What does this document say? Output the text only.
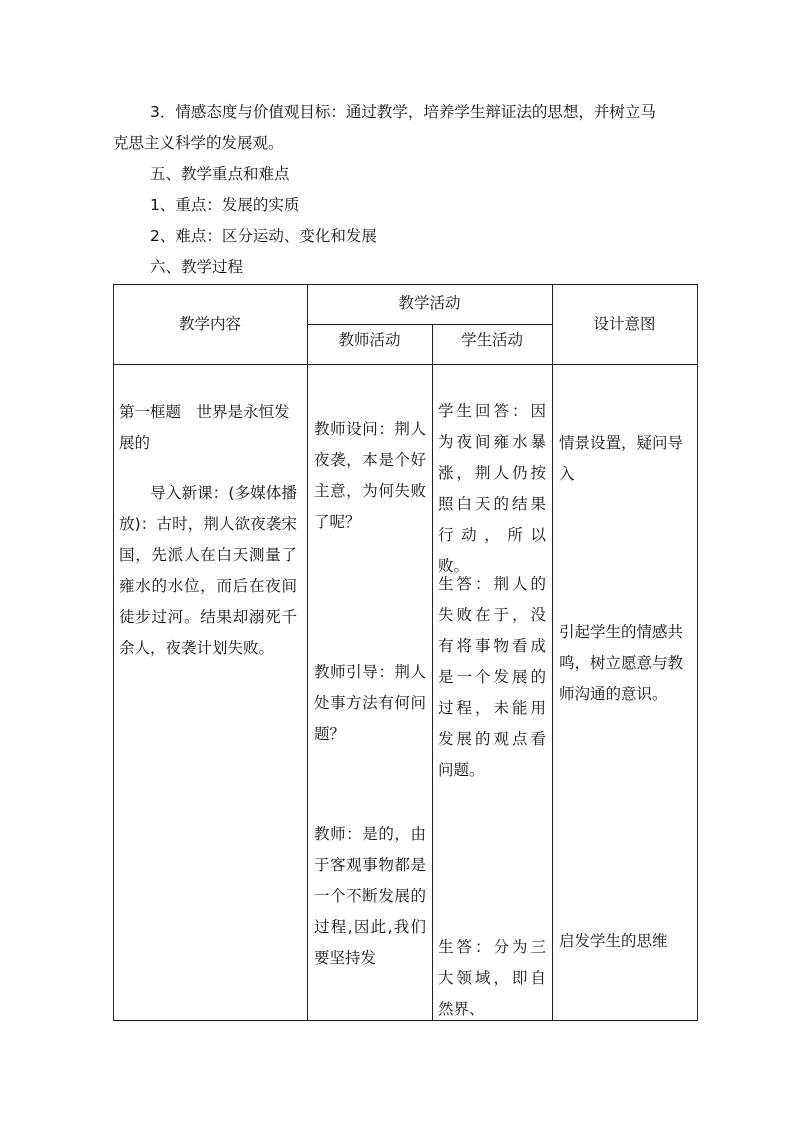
3．情感态度与价值观目标：通过教学，培养学生辩证法的思想，并树立马
克思主义科学的发展观。
五、教学重点和难点
1、重点：发展的实质
2、难点：区分运动、变化和发展
六、教学过程
教学内容
教学活动
教师活动	学生活动
设计意图
第一框题　世界是永恒发展的
　　导入新课：(多媒体播放)：古时，荆人欲夜袭宋国，先派人在白天测量了雍水的水位，而后在夜间徒步过河。结果却溺死千余人，夜袭计划失败。
教师设问：荆人夜袭，本是个好主意，为何失败了呢？
教师引导：荆人处事方法有何问题？
教师：是的，由于客观事物都是一个不断发展的过程,因此,我们要坚持发
学生回答：因为夜间雍水暴涨，荆人仍按照白天的结果行动，所以败。
生答：荆人的失败在于，没有将事物看成是一个发展的过程，未能用发展的观点看问题。
生答：分为三大领域，即自然界、
情景设置，疑问导入
引起学生的情感共鸣，树立愿意与教师沟通的意识。
启发学生的思维
